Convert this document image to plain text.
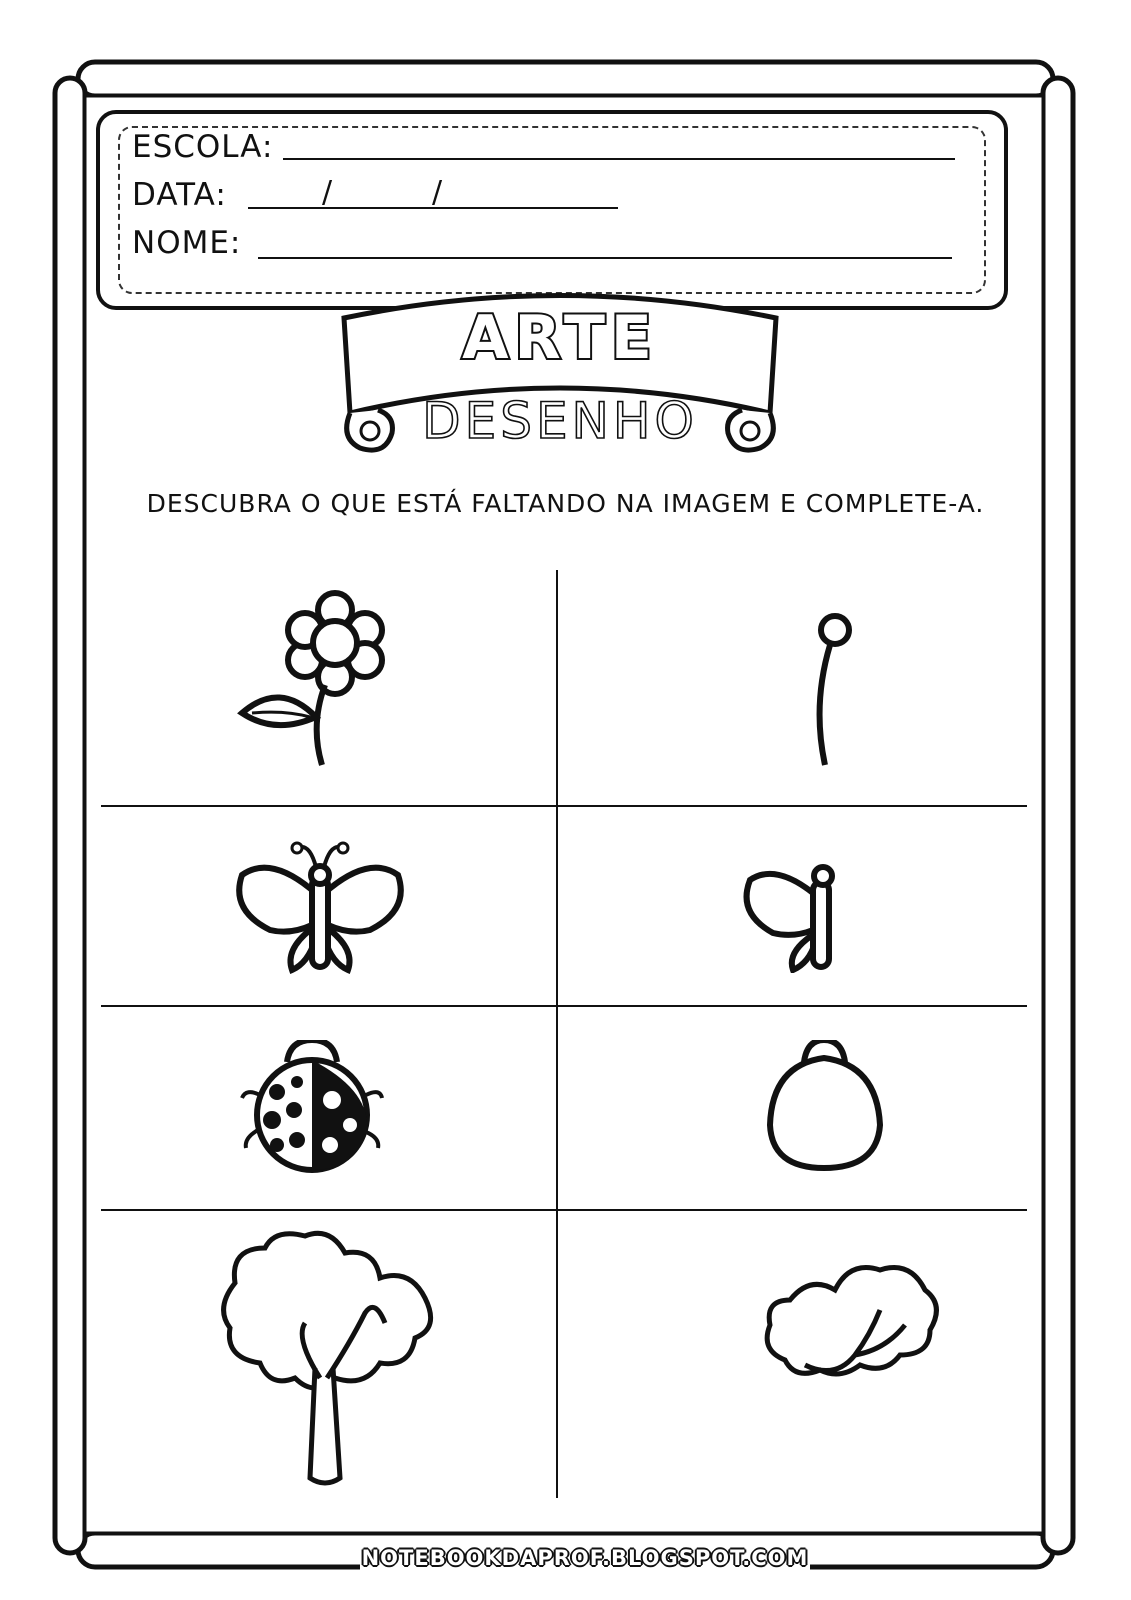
ESCOLA:
DATA:	/	/
NOME:
ARTE
DESENHO
DESCUBRA O QUE ESTÁ FALTANDO NA IMAGEM E COMPLETE-A.
NOTEBOOKDAPROF.BLOGSPOT.COM
